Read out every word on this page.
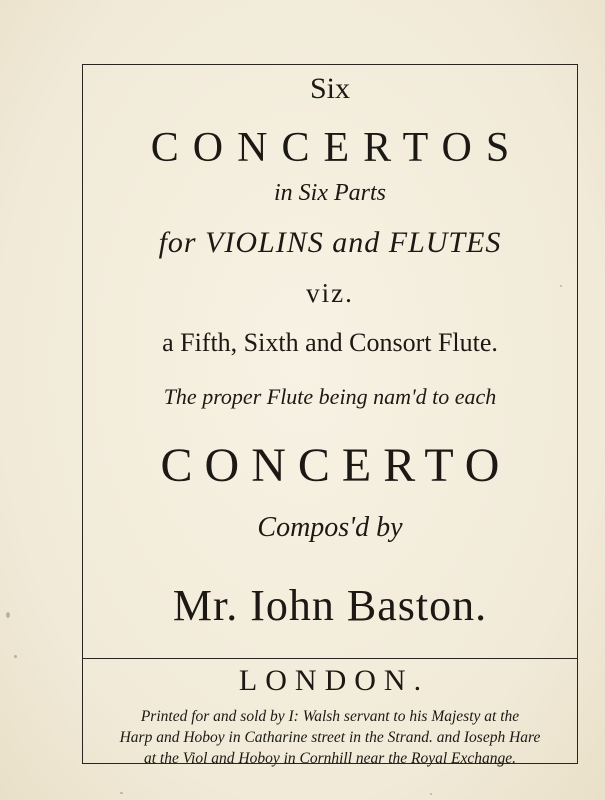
Six
CONCERTOS
in Six Parts
for VIOLINS and FLUTES
viz.
a Fifth, Sixth and Consort Flute.
The proper Flute being nam'd to each
CONCERTO
Compos'd by
Mr. Iohn Baston.
LONDON.
Printed for and sold by I: Walsh servant to his Majesty at the
Harp and Hoboy in Catharine street in the Strand. and Ioseph Hare
at the Viol and Hoboy in Cornhill near the Royal Exchange.
